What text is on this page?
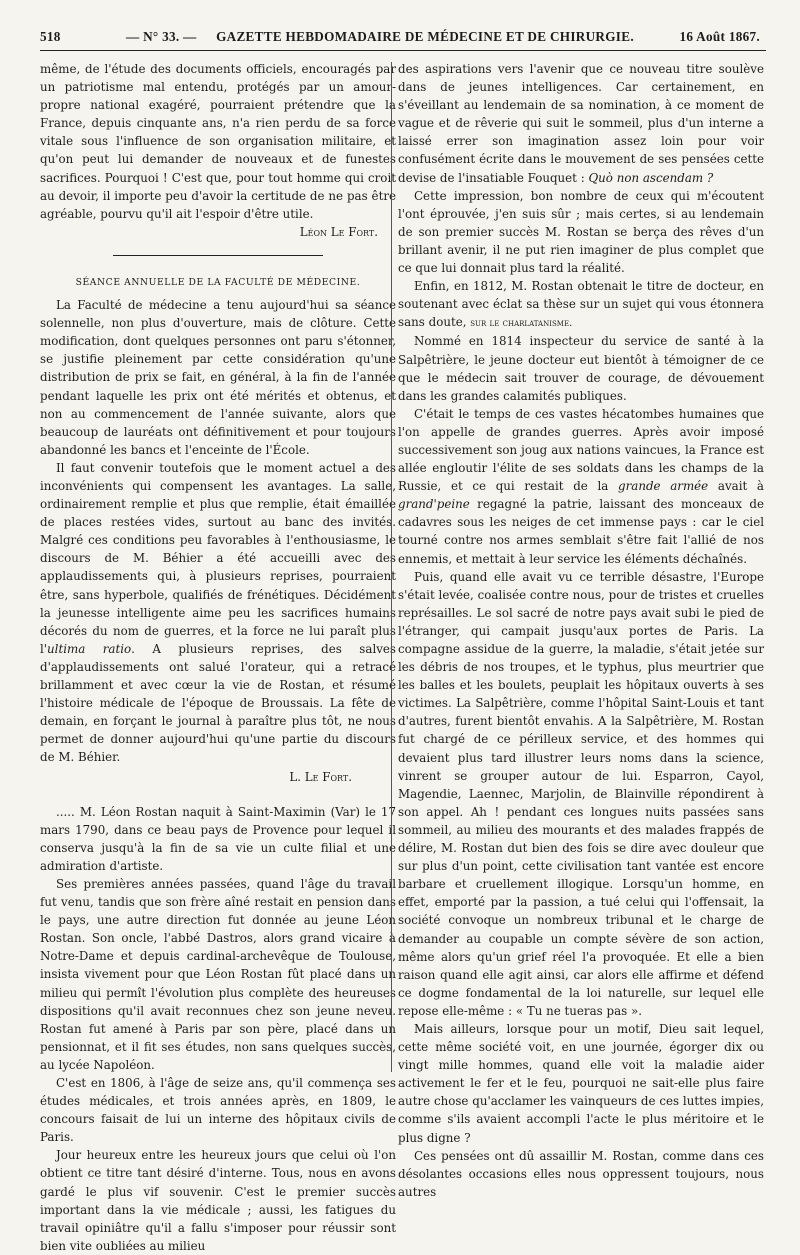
518	— N° 33. —	GAZETTE HEBDOMADAIRE DE MÉDECINE ET DE CHIRURGIE.	16 Août 1867.

même, de l'étude des documents officiels, encouragés par un patriotisme mal entendu, protégés par un amour-propre national exagéré, pourraient prétendre que la France, depuis cinquante ans, n'a rien perdu de sa force vitale sous l'influence de son organisation militaire, et qu'on peut lui demander de nouveaux et de funestes sacrifices. Pourquoi ! C'est que, pour tout homme qui croit au devoir, il importe peu d'avoir la certitude de ne pas être agréable, pourvu qu'il ait l'espoir d'être utile.

Léon Le Fort.
SÉANCE ANNUELLE DE LA FACULTÉ DE MÉDECINE.

La Faculté de médecine a tenu aujourd'hui sa séance solennelle, non plus d'ouverture, mais de clôture. Cette modification, dont quelques personnes ont paru s'étonner, se justifie pleinement par cette considération qu'une distribution de prix se fait, en général, à la fin de l'année pendant laquelle les prix ont été mérités et obtenus, et non au commencement de l'année suivante, alors que beaucoup de lauréats ont définitivement et pour toujours abandonné les bancs et l'enceinte de l'École.

Il faut convenir toutefois que le moment actuel a des inconvénients qui compensent les avantages. La salle, ordinairement remplie et plus que remplie, était émaillée de places restées vides, surtout au banc des invités. Malgré ces conditions peu favorables à l'enthousiasme, le discours de M. Béhier a été accueilli avec des applaudissements qui, à plusieurs reprises, pourraient être, sans hyperbole, qualifiés de frénétiques. Décidément la jeunesse intelligente aime peu les sacrifices humains décorés du nom de guerres, et la force ne lui paraît plus l'ultima ratio. A plusieurs reprises, des salves d'applaudissements ont salué l'orateur, qui a retracé brillamment et avec cœur la vie de Rostan, et résumé l'histoire médicale de l'époque de Broussais. La fête de demain, en forçant le journal à paraître plus tôt, ne nous permet de donner aujourd'hui qu'une partie du discours de M. Béhier.

L. Le Fort.

..... M. Léon Rostan naquit à Saint-Maximin (Var) le 17 mars 1790, dans ce beau pays de Provence pour lequel il conserva jusqu'à la fin de sa vie un culte filial et une admiration d'artiste.

Ses premières années passées, quand l'âge du travail fut venu, tandis que son frère aîné restait en pension dans le pays, une autre direction fut donnée au jeune Léon Rostan. Son oncle, l'abbé Dastros, alors grand vicaire à Notre-Dame et depuis cardinal-archevêque de Toulouse, insista vivement pour que Léon Rostan fût placé dans un milieu qui permît l'évolution plus complète des heureuses dispositions qu'il avait reconnues chez son jeune neveu. Rostan fut amené à Paris par son père, placé dans un pensionnat, et il fit ses études, non sans quelques succès, au lycée Napoléon.

C'est en 1806, à l'âge de seize ans, qu'il commença ses études médicales, et trois années après, en 1809, le concours faisait de lui un interne des hôpitaux civils de Paris.

Jour heureux entre les heureux jours que celui où l'on obtient ce titre tant désiré d'interne. Tous, nous en avons gardé le plus vif souvenir. C'est le premier succès important dans la vie médicale ; aussi, les fatigues du travail opiniâtre qu'il a fallu s'imposer pour réussir sont bien vite oubliées au milieu

des aspirations vers l'avenir que ce nouveau titre soulève dans de jeunes intelligences. Car certainement, en s'éveillant au lendemain de sa nomination, à ce moment de vague et de rêverie qui suit le sommeil, plus d'un interne a laissé errer son imagination assez loin pour voir confusément écrite dans le mouvement de ses pensées cette devise de l'insatiable Fouquet : Quò non ascendam ?

Cette impression, bon nombre de ceux qui m'écoutent l'ont éprouvée, j'en suis sûr ; mais certes, si au lendemain de son premier succès M. Rostan se berça des rêves d'un brillant avenir, il ne put rien imaginer de plus complet que ce que lui donnait plus tard la réalité.

Enfin, en 1812, M. Rostan obtenait le titre de docteur, en soutenant avec éclat sa thèse sur un sujet qui vous étonnera sans doute, sur le charlatanisme.

Nommé en 1814 inspecteur du service de santé à la Salpêtrière, le jeune docteur eut bientôt à témoigner de ce que le médecin sait trouver de courage, de dévouement dans les grandes calamités publiques.

C'était le temps de ces vastes hécatombes humaines que l'on appelle de grandes guerres. Après avoir imposé successivement son joug aux nations vaincues, la France est allée engloutir l'élite de ses soldats dans les champs de la Russie, et ce qui restait de la grande armée avait à grand'peine regagné la patrie, laissant des monceaux de cadavres sous les neiges de cet immense pays : car le ciel tourné contre nos armes semblait s'être fait l'allié de nos ennemis, et mettait à leur service les éléments déchaînés.

Puis, quand elle avait vu ce terrible désastre, l'Europe s'était levée, coalisée contre nous, pour de tristes et cruelles représailles. Le sol sacré de notre pays avait subi le pied de l'étranger, qui campait jusqu'aux portes de Paris. La compagne assidue de la guerre, la maladie, s'était jetée sur les débris de nos troupes, et le typhus, plus meurtrier que les balles et les boulets, peuplait les hôpitaux ouverts à ses victimes. La Salpêtrière, comme l'hôpital Saint-Louis et tant d'autres, furent bientôt envahis. A la Salpêtrière, M. Rostan fut chargé de ce périlleux service, et des hommes qui devaient plus tard illustrer leurs noms dans la science, vinrent se grouper autour de lui. Esparron, Cayol, Magendie, Laennec, Marjolin, de Blainville répondirent à son appel. Ah ! pendant ces longues nuits passées sans sommeil, au milieu des mourants et des malades frappés de délire, M. Rostan dut bien des fois se dire avec douleur que sur plus d'un point, cette civilisation tant vantée est encore barbare et cruellement illogique. Lorsqu'un homme, en effet, emporté par la passion, a tué celui qui l'offensait, la société convoque un nombreux tribunal et le charge de demander au coupable un compte sévère de son action, même alors qu'un grief réel l'a provoquée. Et elle a bien raison quand elle agit ainsi, car alors elle affirme et défend ce dogme fondamental de la loi naturelle, sur lequel elle repose elle-même : « Tu ne tueras pas ».

Mais ailleurs, lorsque pour un motif, Dieu sait lequel, cette même société voit, en une journée, égorger dix ou vingt mille hommes, quand elle voit la maladie aider activement le fer et le feu, pourquoi ne sait-elle plus faire autre chose qu'acclamer les vainqueurs de ces luttes impies, comme s'ils avaient accompli l'acte le plus méritoire et le plus digne ?

Ces pensées ont dû assaillir M. Rostan, comme dans ces désolantes occasions elles nous oppressent toujours, nous autres
